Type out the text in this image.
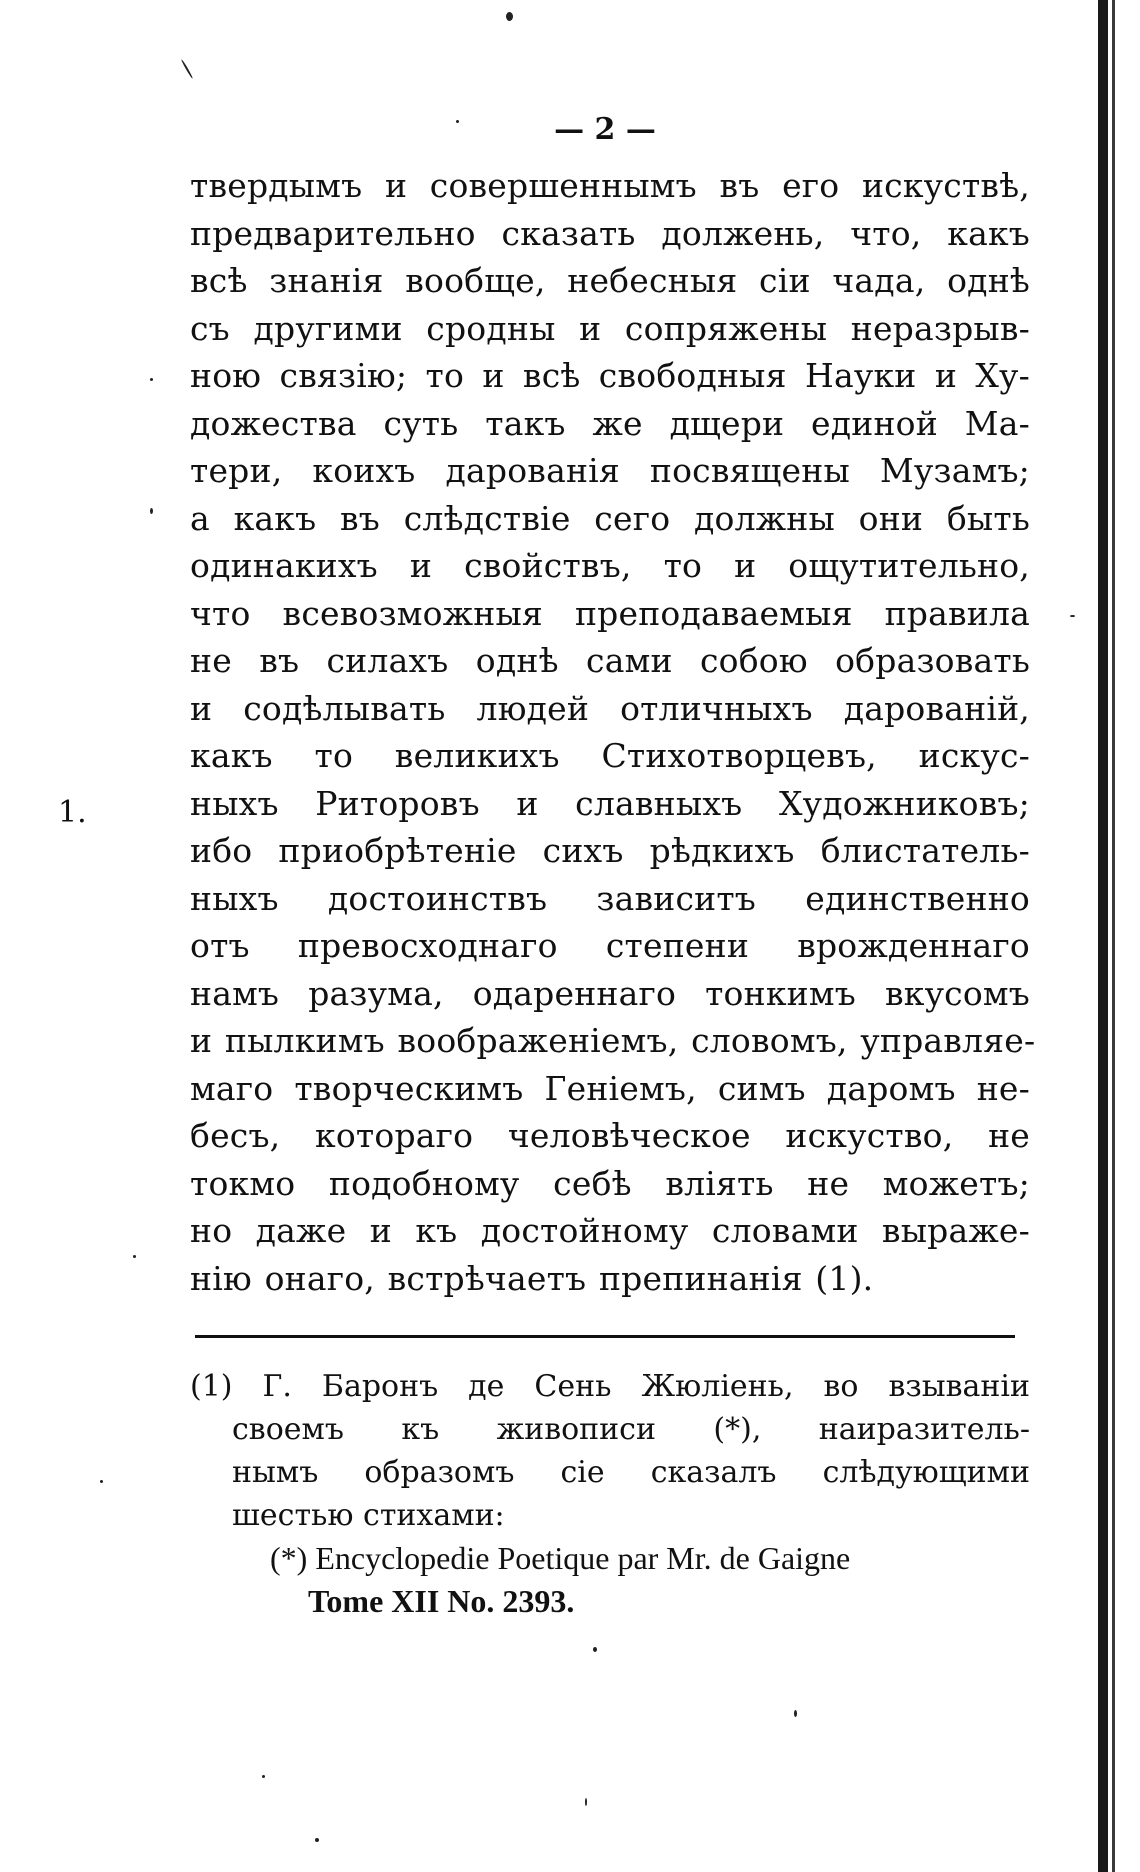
— 2 —
1.
твердымъ и совершеннымъ въ его искуствѣ,
предварительно сказать должень, что, какъ
всѣ знанія вообще, небесныя сіи чада, однѣ
съ другими сродны и сопряжены неразрыв-
ною связію; то и всѣ свободныя Науки и Ху-
дожества суть такъ же дщери единой Ма-
тери, коихъ дарованія посвящены Музамъ;
а какъ въ слѣдствіе сего должны они быть
одинакихъ и свойствъ, то и ощутительно,
что всевозможныя преподаваемыя правила
не въ силахъ однѣ сами собою образовать
и содѣлывать людей отличныхъ дарованій,
какъ то великихъ Стихотворцевъ, искус-
ныхъ Риторовъ и славныхъ Художниковъ;
ибо приобрѣтеніе сихъ рѣдкихъ блистатель-
ныхъ достоинствъ зависитъ единственно
отъ превосходнаго степени врожденнаго
намъ разума, одареннаго тонкимъ вкусомъ
и пылкимъ воображеніемъ, словомъ, управляе-
маго творческимъ Геніемъ, симъ даромъ не-
бесъ, котораго человѣческое искуство, не
токмо подобному себѣ вліять не можетъ;
но даже и къ достойному словами выраже-
нію онаго, встрѣчаетъ препинанія (1).
(1) Г. Баронъ де Сень Жюліень, во взываніи
своемъ къ живописи (*), наиразитель-
нымъ образомъ сіе сказалъ слѣдующими
шестью стихами:
(*) Encyclopedie Poetique par Mr. de Gaigne
Tome XII No. 2393.
